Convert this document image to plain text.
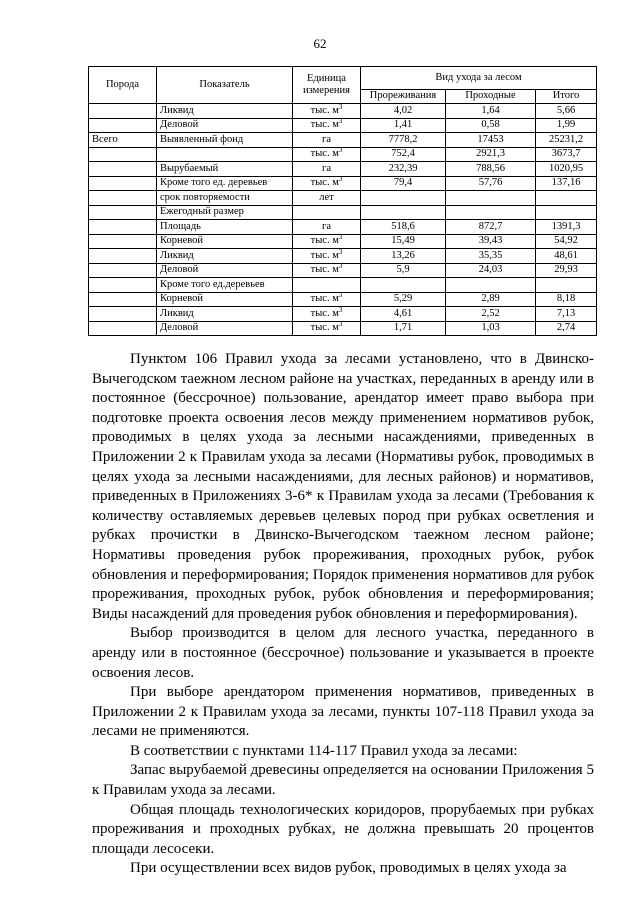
62
Порода	Показатель	Единица измерения	Вид ухода за лесом		
			Прореживания	Проходные	Итого
	Ликвид	тыс. $м^3$	4,02	1,64	5,66
	Деловой	тыс. $м^3$	1,41	0,58	1,99
Всего	Выявленный фонд	га	7778,2	17453	25231,2
		тыс. $м^3$	752,4	2921,3	3673,7
	Вырубаемый	га	232,39	788,56	1020,95
	Кроме того ед. деревьев	тыс. $м^3$	79,4	57,76	137,16
	срок повторяемости	лет			
	Ежегодный размер				
	Площадь	га	518,6	872,7	1391,3
	Корневой	тыс. $м^3$	15,49	39,43	54,92
	Ликвид	тыс. $м^3$	13,26	35,35	48,61
	Деловой	тыс. $м^3$	5,9	24,03	29,93
	Кроме того ед.деревьев				
	Корневой	тыс. $м^3$	5,29	2,89	8,18
	Ликвид	тыс. $м^3$	4,61	2,52	7,13
	Деловой	тыс. $м^3$	1,71	1,03	2,74

Пунктом 106 Правил ухода за лесами установлено, что в Двинско-Вычегодском таежном лесном районе на участках, переданных в аренду или в постоянное (бессрочное) пользование, арендатор имеет право выбора при подготовке проекта освоения лесов между применением нормативов рубок, проводимых в целях ухода за лесными насаждениями, приведенных в Приложении 2 к Правилам ухода за лесами (Нормативы рубок, проводимых в целях ухода за лесными насаждениями, для лесных районов) и нормативов, приведенных в Приложениях 3-6* к Правилам ухода за лесами (Требования к количеству оставляемых деревьев целевых пород при рубках осветления и рубках прочистки в Двинско-Вычегодском таежном лесном районе; Нормативы проведения рубок прореживания, проходных рубок, рубок обновления и переформирования; Порядок применения нормативов для рубок прореживания, проходных рубок, рубок обновления и переформирования; Виды насаждений для проведения рубок обновления и переформирования).

Выбор производится в целом для лесного участка, переданного в аренду или в постоянное (бессрочное) пользование и указывается в проекте освоения лесов.

При выборе арендатором применения нормативов, приведенных в Приложении 2 к Правилам ухода за лесами, пункты 107-118 Правил ухода за лесами не применяются.

В соответствии с пунктами 114-117 Правил ухода за лесами:

Запас вырубаемой древесины определяется на основании Приложения 5 к Правилам ухода за лесами.

Общая площадь технологических коридоров, прорубаемых при рубках прореживания и проходных рубках, не должна превышать 20 процентов площади лесосеки.

При осуществлении всех видов рубок, проводимых в целях ухода за
